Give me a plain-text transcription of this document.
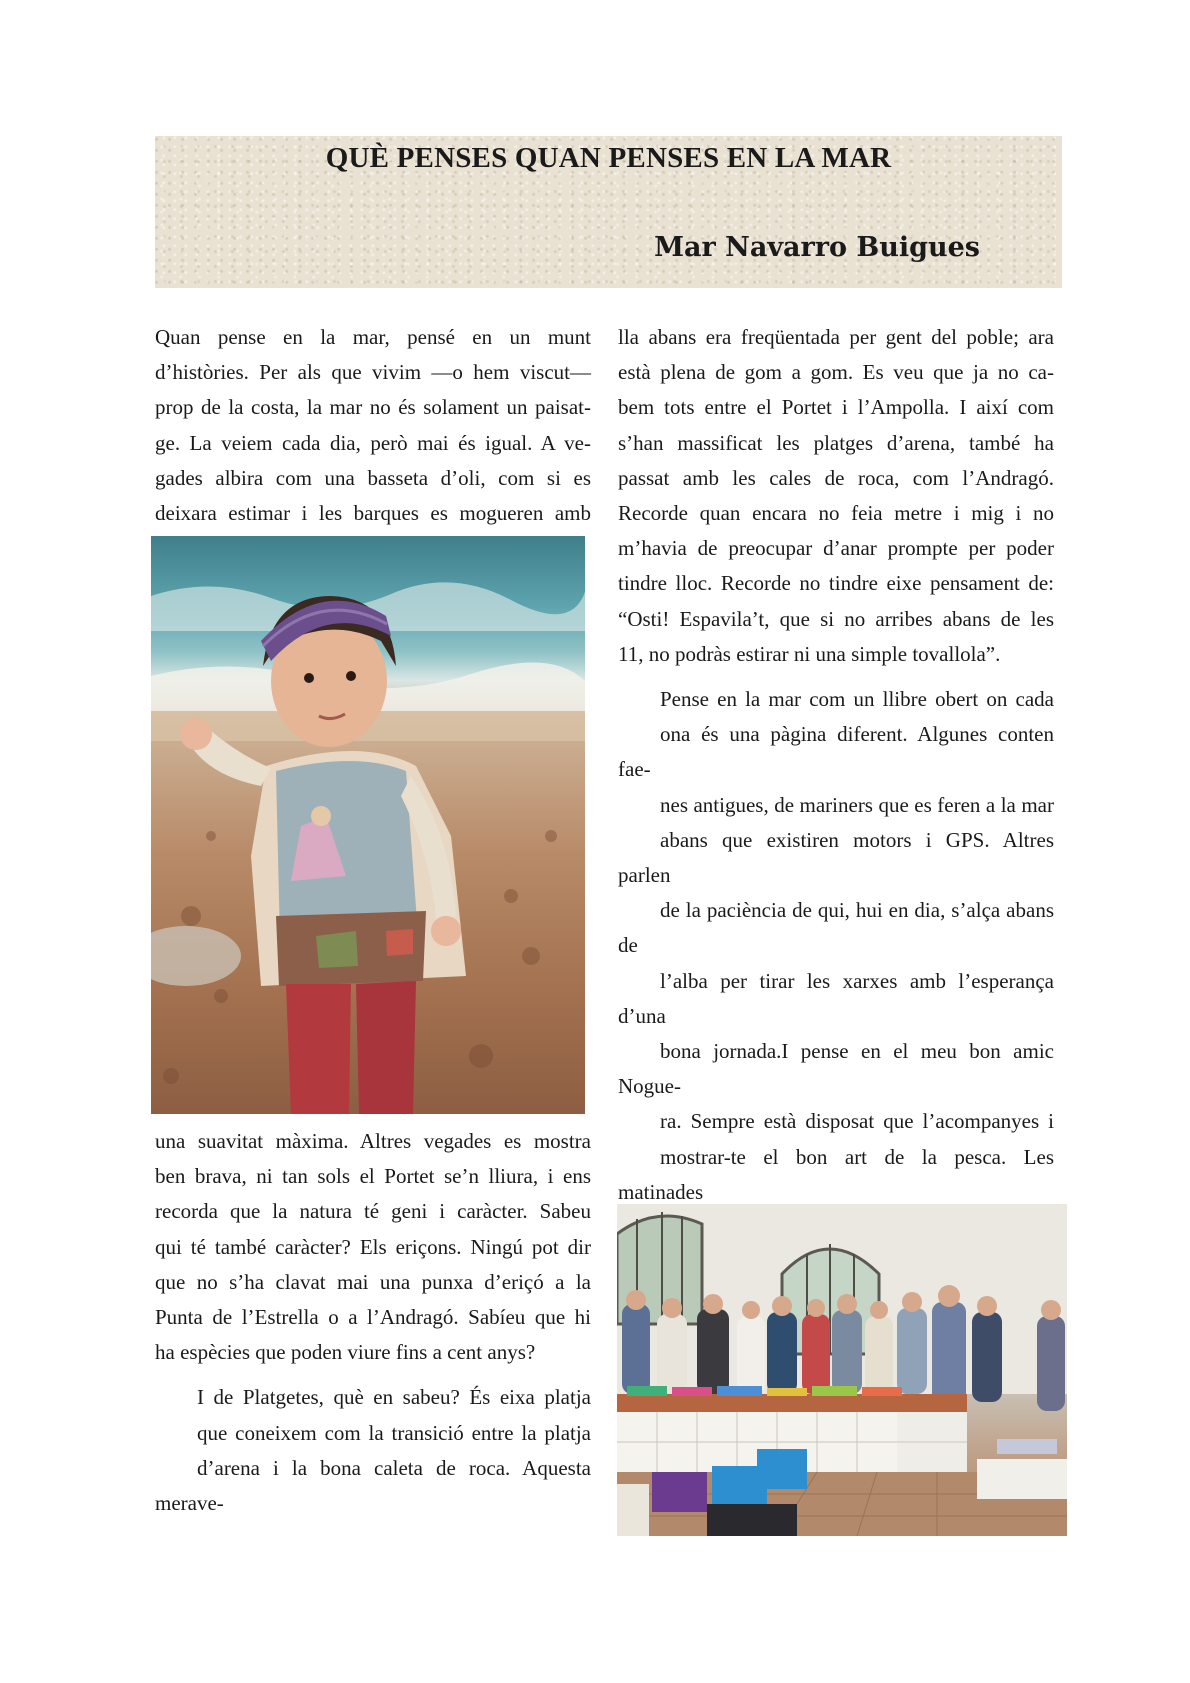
QUÈ PENSES QUAN PENSES EN LA MAR
Mar Navarro Buigues

Quan pense en la mar, pensé en un munt
d’històries. Per als que vivim —o hem viscut—
prop de la costa, la mar no és solament un paisat-
ge. La veiem cada dia, però mai és igual. A ve-
gades albira com una basseta d’oli, com si es
deixara estimar i les barques es mogueren amb

una suavitat màxima. Altres vegades es mostra
ben brava, ni tan sols el Portet se’n lliura, i ens
recorda que la natura té geni i caràcter. Sabeu
qui té també caràcter? Els eriçons. Ningú pot dir
que no s’ha clavat mai una punxa d’eriçó a la
Punta de l’Estrella o a l’Andragó. Sabíeu que hi
ha espècies que poden viure fins a cent anys?

I de Platgetes, què en sabeu? És eixa platja
que coneixem com la transició entre la platja
d’arena i la bona caleta de roca. Aquesta merave-

lla abans era freqüentada per gent del poble; ara
està plena de gom a gom. Es veu que ja no ca-
bem tots entre el Portet i l’Ampolla. I així com
s’han massificat les platges d’arena, també ha
passat amb les cales de roca, com l’Andragó.
Recorde quan encara no feia metre i mig i no
m’havia de preocupar d’anar prompte per poder
tindre lloc. Recorde no tindre eixe pensament de:
“Osti! Espavila’t, que si no arribes abans de les
11, no podràs estirar ni una simple tovallola”.

Pense en la mar com un llibre obert on cada
ona és una pàgina diferent. Algunes conten fae-
nes antigues, de mariners que es feren a la mar
abans que existiren motors i GPS. Altres parlen
de la paciència de qui, hui en dia, s’alça abans de
l’alba per tirar les xarxes amb l’esperança d’una
bona jornada.I pense en el meu bon amic Noguе-
ra. Sempre està disposat que l’acompanyes i
mostrar-te el bon art de la pesca. Les matinades
